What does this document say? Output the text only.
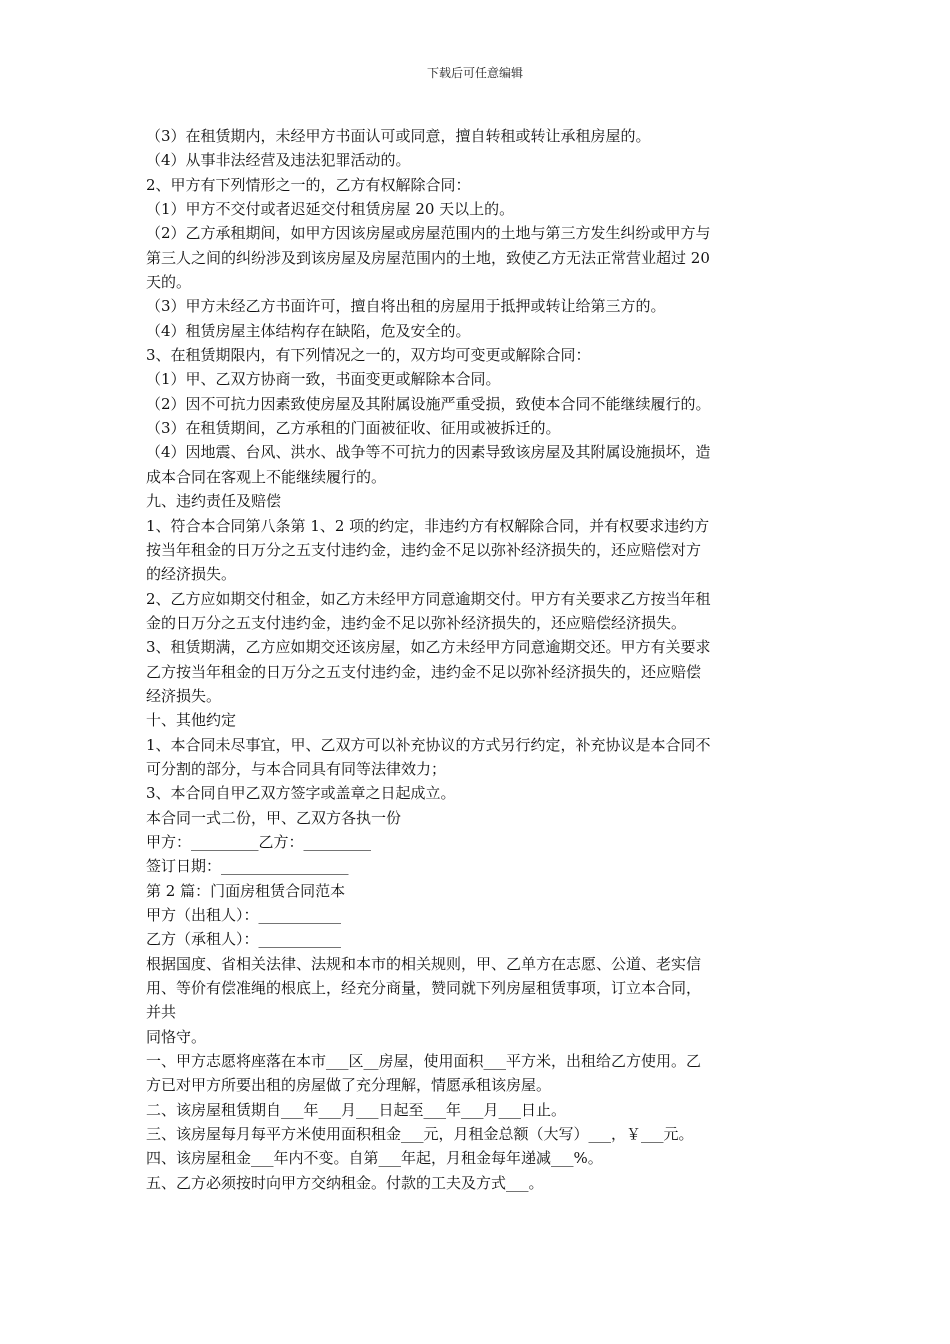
下载后可任意编辑
（3）在租赁期内，未经甲方书面认可或同意，擅自转租或转让承租房屋的。
（4）从事非法经营及违法犯罪活动的。
2、甲方有下列情形之一的，乙方有权解除合同：
（1）甲方不交付或者迟延交付租赁房屋 20 天以上的。
（2）乙方承租期间，如甲方因该房屋或房屋范围内的土地与第三方发生纠纷或甲方与
第三人之间的纠纷涉及到该房屋及房屋范围内的土地，致使乙方无法正常营业超过 20
天的。
（3）甲方未经乙方书面许可，擅自将出租的房屋用于抵押或转让给第三方的。
（4）租赁房屋主体结构存在缺陷，危及安全的。
3、在租赁期限内，有下列情况之一的，双方均可变更或解除合同：
（1）甲、乙双方协商一致，书面变更或解除本合同。
（2）因不可抗力因素致使房屋及其附属设施严重受损，致使本合同不能继续履行的。
（3）在租赁期间，乙方承租的门面被征收、征用或被拆迁的。
（4）因地震、台风、洪水、战争等不可抗力的因素导致该房屋及其附属设施损坏，造
成本合同在客观上不能继续履行的。
九、违约责任及赔偿
1、符合本合同第八条第 1、2 项的约定，非违约方有权解除合同，并有权要求违约方
按当年租金的日万分之五支付违约金，违约金不足以弥补经济损失的，还应赔偿对方
的经济损失。
2、乙方应如期交付租金，如乙方未经甲方同意逾期交付。甲方有关要求乙方按当年租
金的日万分之五支付违约金，违约金不足以弥补经济损失的，还应赔偿经济损失。
3、租赁期满，乙方应如期交还该房屋，如乙方未经甲方同意逾期交还。甲方有关要求
乙方按当年租金的日万分之五支付违约金，违约金不足以弥补经济损失的，还应赔偿
经济损失。
十、其他约定
1、本合同未尽事宜，甲、乙双方可以补充协议的方式另行约定，补充协议是本合同不
可分割的部分，与本合同具有同等法律效力；
3、本合同自甲乙双方签字或盖章之日起成立。
本合同一式二份，甲、乙双方各执一份
甲方：_________乙方：_________
签订日期：_________________
第 2 篇：门面房租赁合同范本
甲方（出租人）：___________
乙方（承租人）：___________
根据国度、省相关法律、法规和本市的相关规则，甲、乙单方在志愿、公道、老实信
用、等价有偿准绳的根底上，经充分商量，赞同就下列房屋租赁事项，订立本合同，
并共
同恪守。
一、甲方志愿将座落在本市___区__房屋，使用面积___平方米，出租给乙方使用。乙
方已对甲方所要出租的房屋做了充分理解，情愿承租该房屋。
二、该房屋租赁期自___年___月___日起至___年___月___日止。
三、该房屋每月每平方米使用面积租金___元，月租金总额（大写）___，￥___元。
四、该房屋租金___年内不变。自第___年起，月租金每年递减___%。
五、乙方必须按时向甲方交纳租金。付款的工夫及方式___。
